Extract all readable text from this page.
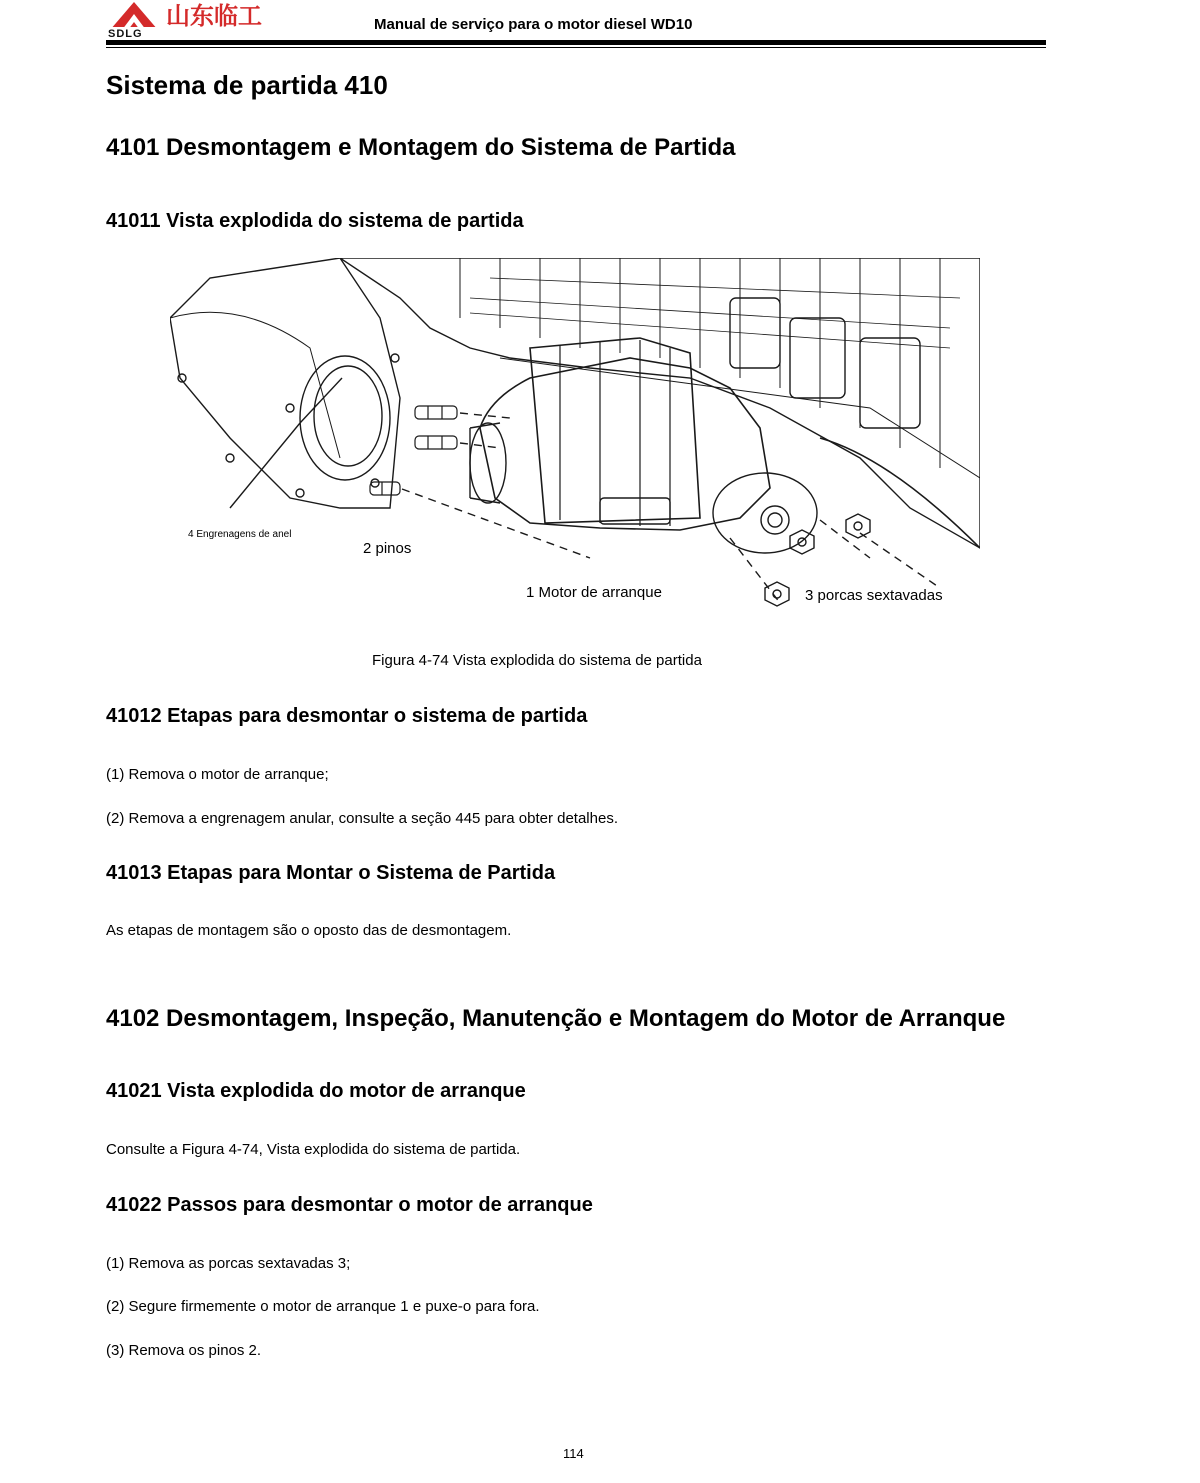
SDLG
山东临工	Manual de serviço para o motor diesel WD10
Sistema de partida 410
4101 Desmontagem e Montagem do Sistema de Partida
41011 Vista explodida do sistema de partida
4 Engrenagens de anel
2 pinos
1 Motor de arranque	3 porcas sextavadas
Figura 4-74 Vista explodida do sistema de partida
41012 Etapas para desmontar o sistema de partida
(1) Remova o motor de arranque;
(2) Remova a engrenagem anular, consulte a seção 445 para obter detalhes.
41013 Etapas para Montar o Sistema de Partida
As etapas de montagem são o oposto das de desmontagem.
4102 Desmontagem, Inspeção, Manutenção e Montagem do Motor de Arranque
41021 Vista explodida do motor de arranque
Consulte a Figura 4-74, Vista explodida do sistema de partida.
41022 Passos para desmontar o motor de arranque
(1) Remova as porcas sextavadas 3;
(2) Segure firmemente o motor de arranque 1 e puxe-o para fora.
(3) Remova os pinos 2.
114
